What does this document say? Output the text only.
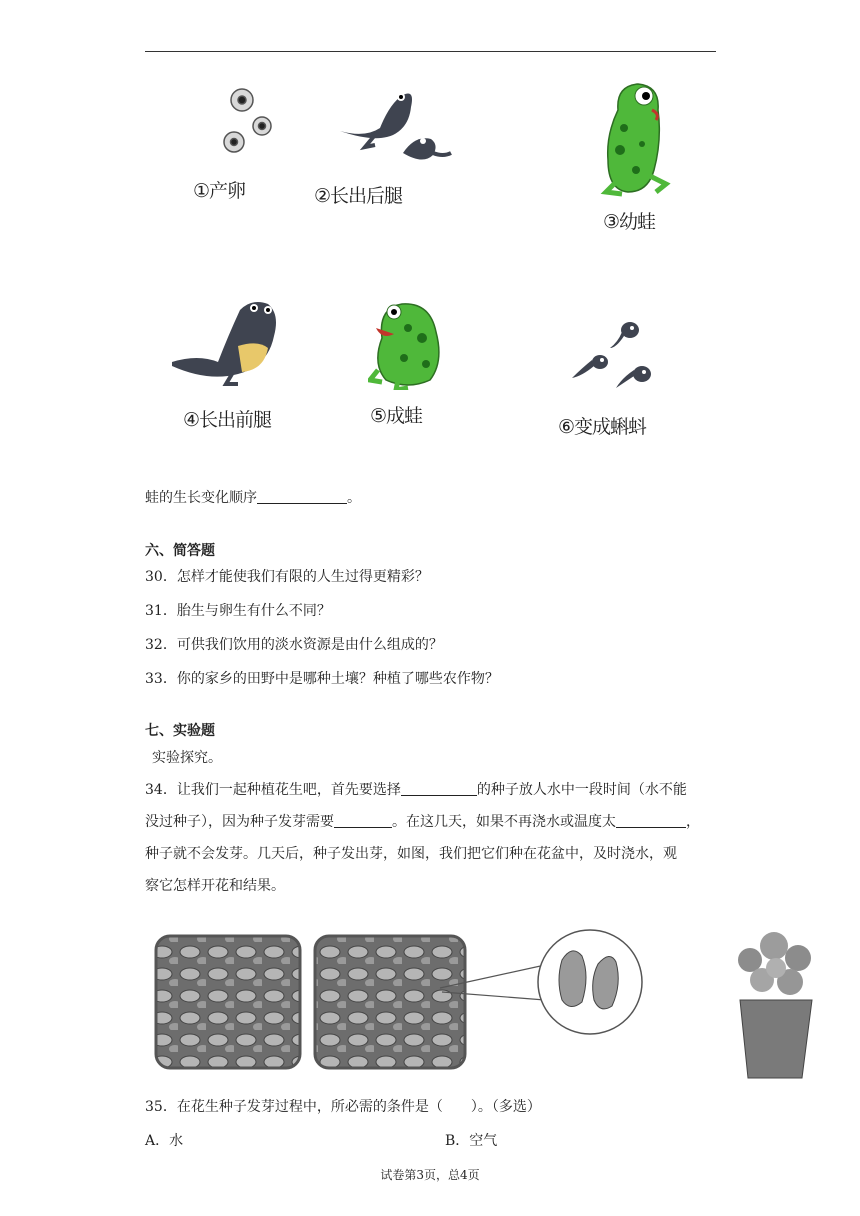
①产卵	②长出后腿
③幼蛙
④长出前腿	⑤成蛙	⑥变成蝌蚪
蛙的生长变化顺序	。
六、简答题
30．怎样才能使我们有限的人生过得更精彩？
31．胎生与卵生有什么不同？
32．可供我们饮用的淡水资源是由什么组成的？
33．你的家乡的田野中是哪种土壤？种植了哪些农作物？
七、实验题
实验探究。
34．让我们一起种植花生吧，首先要选择	的种子放人水中一段时间（水不能
没过种子），因为种子发芽需要	。在这几天，如果不再浇水或温度太	，
种子就不会发芽。几天后，种子发出芽，如图，我们把它们种在花盆中，及时浇水，观
察它怎样开花和结果。
35．在花生种子发芽过程中，所必需的条件是（　　）。（多选）
A．水	B．空气
试卷第3页，总4页
